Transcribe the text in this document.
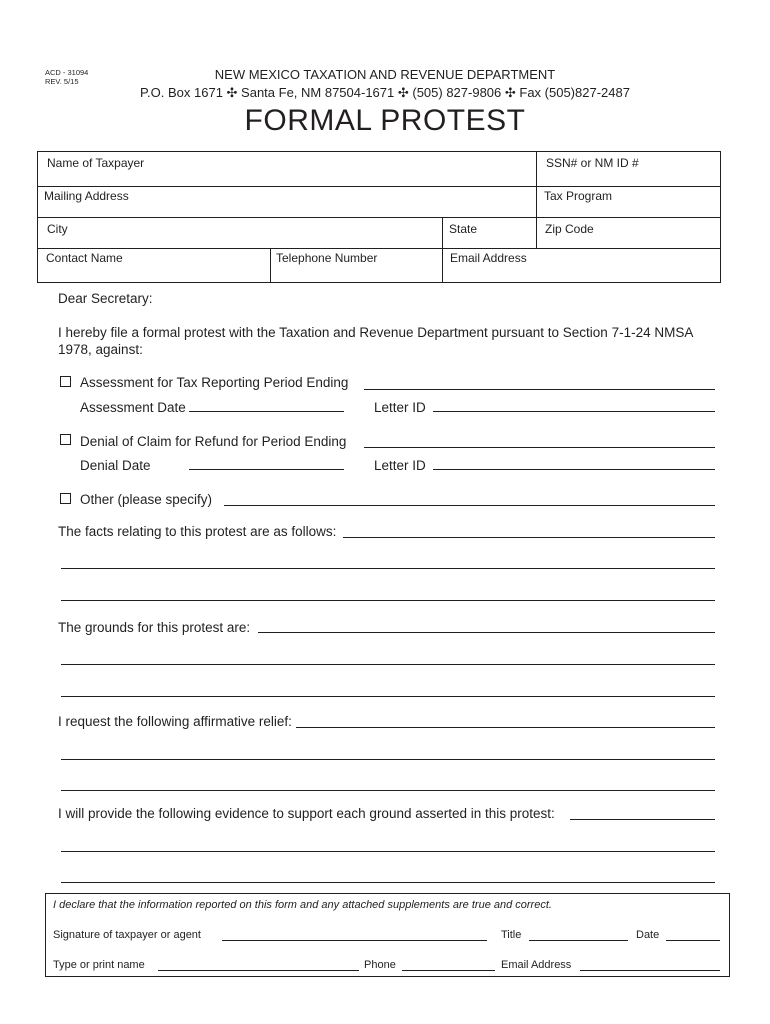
ACD - 31094
REV. 5/15	NEW MEXICO TAXATION AND REVENUE DEPARTMENT
P.O. Box 1671 ✣ Santa Fe, NM 87504-1671 ✣ (505) 827-9806 ✣ Fax (505)827-2487
FORMAL PROTEST
Name of Taxpayer	SSN# or NM ID #
Mailing Address	Tax Program
City	State	Zip Code
Contact Name	Telephone Number	Email Address
Dear Secretary:
I hereby file a formal protest with the Taxation and Revenue Department pursuant to Section 7-1-24 NMSA
1978, against:
Assessment for Tax Reporting Period Ending
Assessment Date	Letter ID
Denial of Claim for Refund for Period Ending
Denial Date	Letter ID
Other (please specify)
The facts relating to this protest are as follows:
The grounds for this protest are:
I request the following affirmative relief:
I will provide the following evidence to support each ground asserted in this protest:
I declare that the information reported on this form and any attached supplements are true and correct.
Signature of taxpayer or agent	Title	Date
Type or print name	Phone	Email Address
